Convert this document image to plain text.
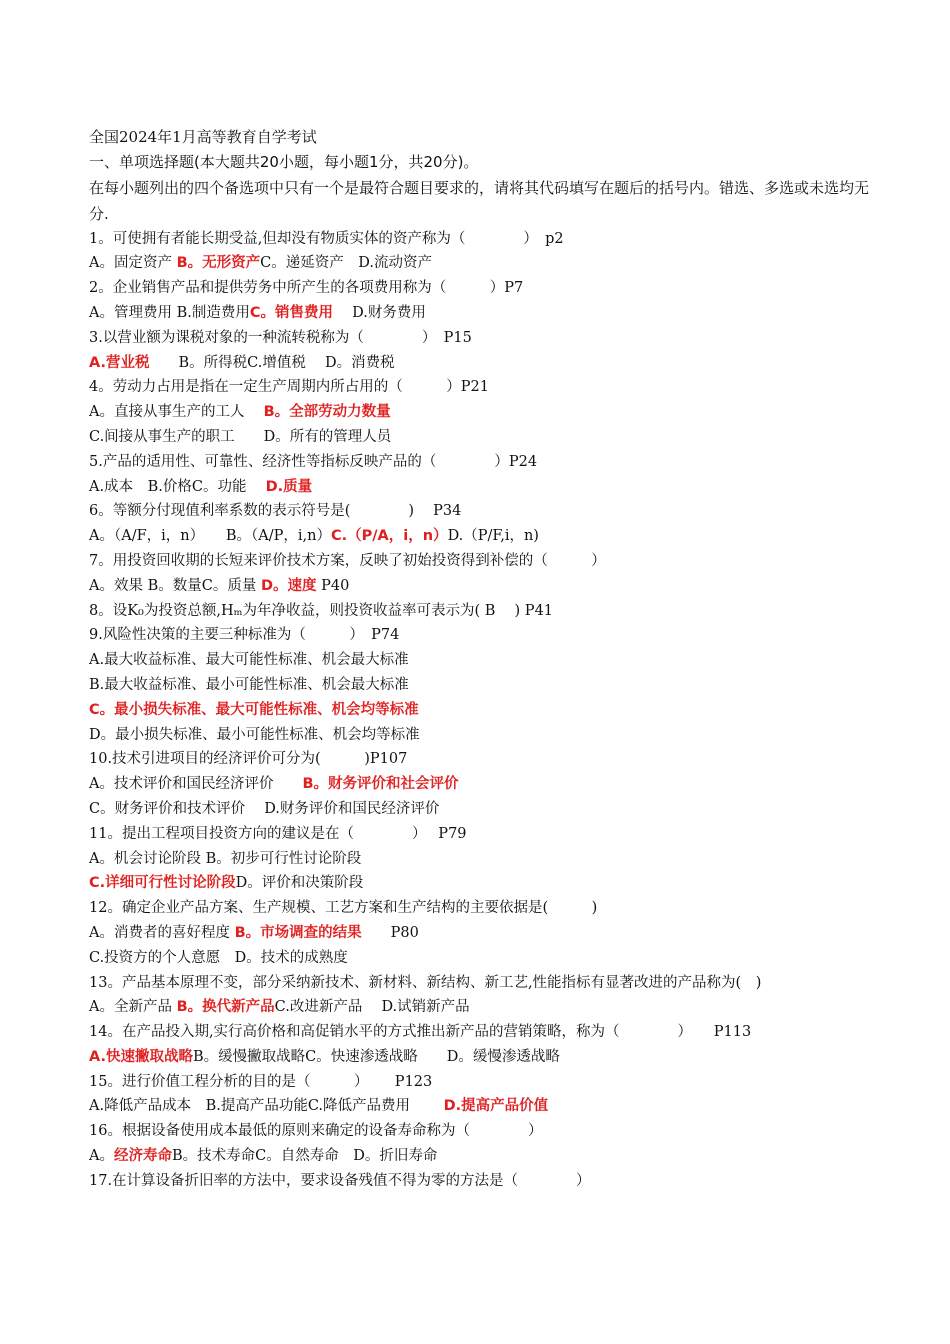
全国2024年1月高等教育自学考试
一、单项选择题(本大题共20小题，每小题1分，共20分)。
在每小题列出的四个备选项中只有一个是最符合题目要求的，请将其代码填写在题后的括号内。错选、多选或未选均无分.
1。可使拥有者能长期受益,但却没有物质实体的资产称为（　　　　）　p2
A。固定资产 B。无形资产C。递延资产　D.流动资产
2。企业销售产品和提供劳务中所产生的各项费用称为（　　　）P7
A。管理费用 B.制造费用C。销售费用　 D.财务费用
3.以营业额为课税对象的一种流转税称为（　　　　）　P15
A.营业税　　B。所得税C.增值税　 D。消费税
4。劳动力占用是指在一定生产周期内所占用的（　　　）P21
A。直接从事生产的工人　 B。全部劳动力数量
C.间接从事生产的职工　　D。所有的管理人员
5.产品的适用性、可靠性、经济性等指标反映产品的（　　　　）P24
A.成本　B.价格C。功能　 D.质量
6。等额分付现值利率系数的表示符号是(　　　　)　 P34
A。（A/F，i，n）　　B。（A/P，i,n）C.（P/A，i，n）D.（P/F,i，n)
7。用投资回收期的长短来评价技术方案，反映了初始投资得到补偿的（　　　）
A。效果 B。数量C。质量 D。速度 P40
8。设K₀为投资总额,Hₘ为年净收益，则投资收益率可表示为( B　 ) P41
9.风险性决策的主要三种标准为（　　　）　P74
A.最大收益标准、最大可能性标准、机会最大标准
B.最大收益标准、最小可能性标准、机会最大标准
C。最小损失标准、最大可能性标准、机会均等标准
D。最小损失标准、最小可能性标准、机会均等标准
10.技术引进项目的经济评价可分为(　　　)P107
A。技术评价和国民经济评价　　B。财务评价和社会评价
C。财务评价和技术评价　 D.财务评价和国民经济评价
11。提出工程项目投资方向的建议是在（　　　　）　 P79
A。机会讨论阶段 B。初步可行性讨论阶段
C.详细可行性讨论阶段D。评价和决策阶段
12。确定企业产品方案、生产规模、工艺方案和生产结构的主要依据是(　　　)
A。消费者的喜好程度 B。市场调查的结果　　P80
C.投资方的个人意愿　D。技术的成熟度
13。产品基本原理不变，部分采纳新技术、新材料、新结构、新工艺,性能指标有显著改进的产品称为(　)
A。全新产品 B。换代新产品C.改进新产品　 D.试销新产品
14。在产品投入期,实行高价格和高促销水平的方式推出新产品的营销策略，称为（　　　　）　　P113
A.快速撇取战略B。缓慢撇取战略C。快速渗透战略　　D。缓慢渗透战略
15。进行价值工程分析的目的是（　　　）　　 P123
A.降低产品成本　B.提高产品功能C.降低产品费用　　 D.提高产品价值
16。根据设备使用成本最低的原则来确定的设备寿命称为（　　　　）
A。经济寿命B。技术寿命C。自然寿命　D。折旧寿命
17.在计算设备折旧率的方法中，要求设备残值不得为零的方法是（　　　　）
